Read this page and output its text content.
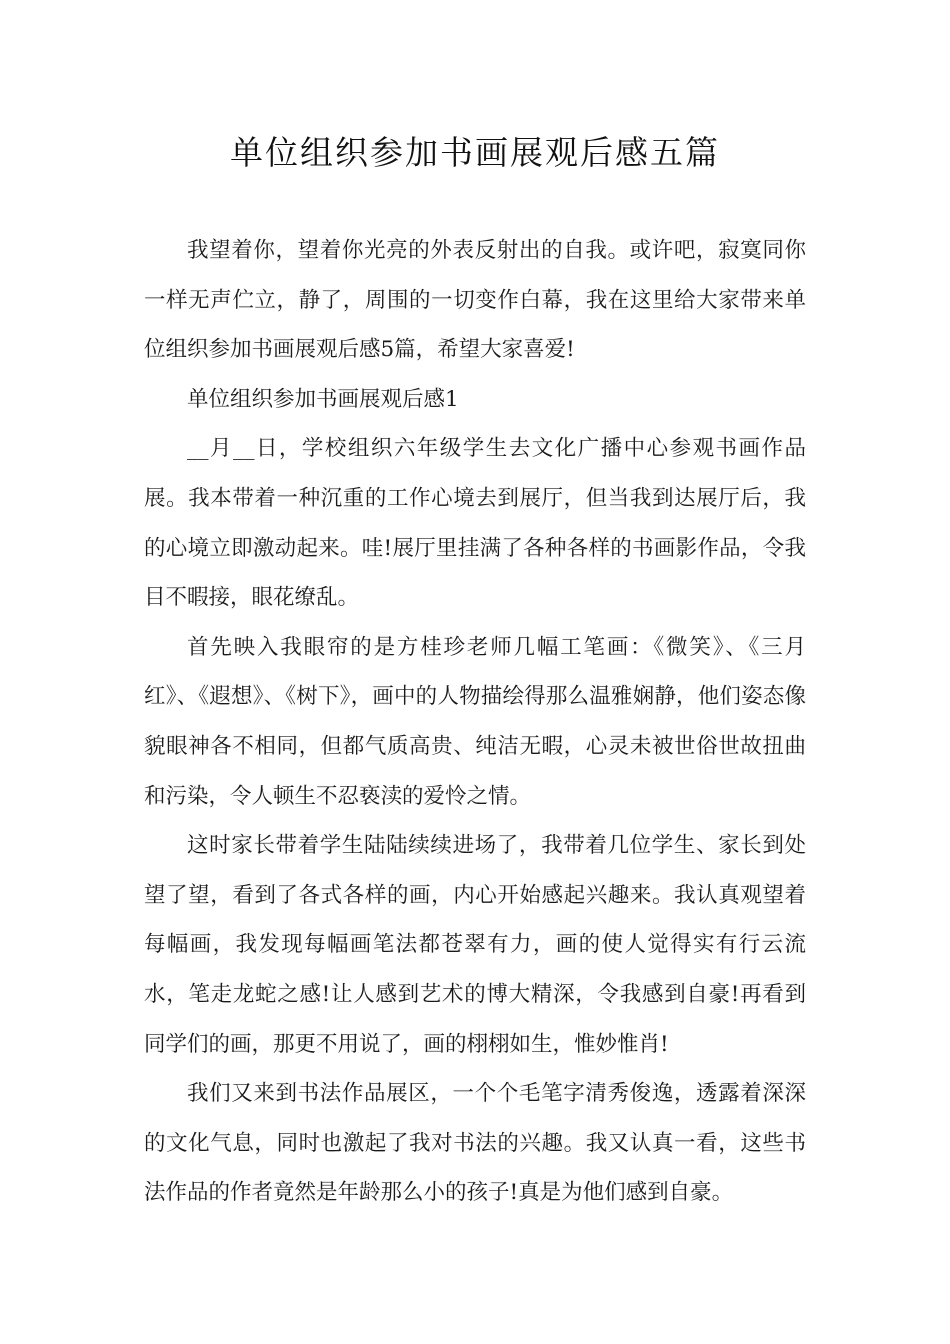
单位组织参加书画展观后感五篇

我望着你，望着你光亮的外表反射出的自我。或许吧，寂寞同你一样无声伫立，静了，周围的一切变作白幕，我在这里给大家带来单位组织参加书画展观后感5篇，希望大家喜爱!

单位组织参加书画展观后感1

__月__日，学校组织六年级学生去文化广播中心参观书画作品展。我本带着一种沉重的工作心境去到展厅，但当我到达展厅后，我的心境立即激动起来。哇!展厅里挂满了各种各样的书画影作品，令我目不暇接，眼花缭乱。

首先映入我眼帘的是方桂珍老师几幅工笔画：《微笑》、《三月红》、《遐想》、《树下》，画中的人物描绘得那么温雅娴静，他们姿态像貌眼神各不相同，但都气质高贵、纯洁无暇，心灵未被世俗世故扭曲和污染，令人顿生不忍亵渎的爱怜之情。

这时家长带着学生陆陆续续进场了，我带着几位学生、家长到处望了望，看到了各式各样的画，内心开始感起兴趣来。我认真观望着每幅画，我发现每幅画笔法都苍翠有力，画的使人觉得实有行云流水，笔走龙蛇之感!让人感到艺术的博大精深，令我感到自豪!再看到同学们的画，那更不用说了，画的栩栩如生，惟妙惟肖!

我们又来到书法作品展区，一个个毛笔字清秀俊逸，透露着深深的文化气息，同时也激起了我对书法的兴趣。我又认真一看，这些书法作品的作者竟然是年龄那么小的孩子!真是为他们感到自豪。
